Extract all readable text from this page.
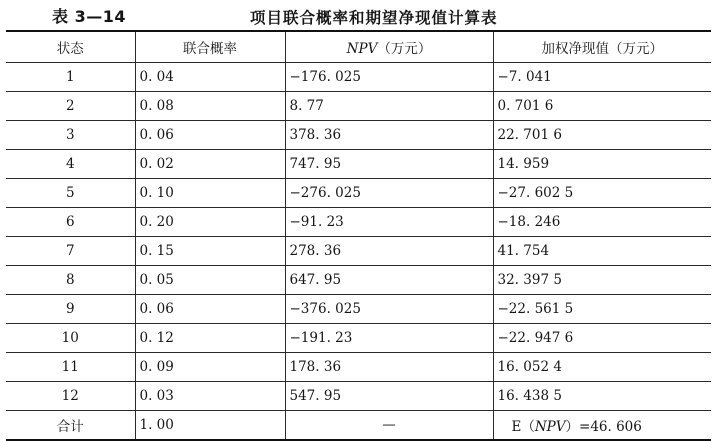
表 3—14	项目联合概率和期望净现值计算表
状态	联合概率	NPV（万元）	加权净现值（万元）
1	0. 04	−176. 025	−7. 041
2	0. 08	8. 77	0. 701 6
3	0. 06	378. 36	22. 701 6
4	0. 02	747. 95	14. 959
5	0. 10	−276. 025	−27. 602 5
6	0. 20	−91. 23	−18. 246
7	0. 15	278. 36	41. 754
8	0. 05	647. 95	32. 397 5
9	0. 06	−376. 025	−22. 561 5
10	0. 12	−191. 23	−22. 947 6
11	0. 09	178. 36	16. 052 4
12	0. 03	547. 95	16. 438 5
合计	1. 00	—	E（NPV）=46. 606
